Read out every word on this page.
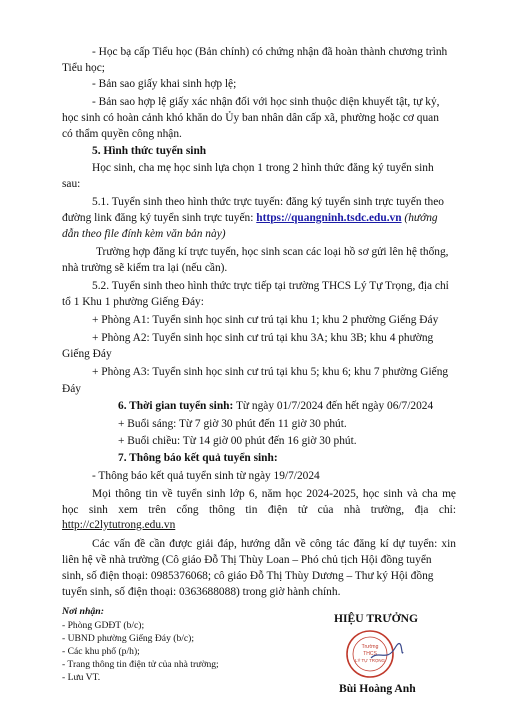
- Học bạ cấp Tiểu học (Bản chính) có chứng nhận đã hoàn thành chương trình
Tiểu học;
- Bản sao giấy khai sinh hợp lệ;
- Bản sao hợp lệ giấy xác nhận đối với học sinh thuộc diện khuyết tật, tự kỷ,
học sinh có hoàn cảnh khó khăn do Ủy ban nhân dân cấp xã, phường hoặc cơ quan
có thẩm quyền công nhận.
5. Hình thức tuyển sinh
Học sinh, cha mẹ học sinh lựa chọn 1 trong 2 hình thức đăng ký tuyển sinh
sau:
5.1. Tuyển sinh theo hình thức trực tuyến: đăng ký tuyển sinh trực tuyến theo
đường link đăng ký tuyển sinh trực tuyến: https://quangninh.tsdc.edu.vn (hướng
dẫn theo file đính kèm văn bản này)
Trường hợp đăng kí trực tuyến, học sinh scan các loại hồ sơ gửi lên hệ thống,
nhà trường sẽ kiểm tra lại (nếu cần).
5.2. Tuyển sinh theo hình thức trực tiếp tại trường THCS Lý Tự Trọng, địa chỉ
tổ 1 Khu 1 phường Giếng Đáy:
+ Phòng A1: Tuyển sinh học sinh cư trú tại khu 1; khu 2 phường Giếng Đáy
+ Phòng A2: Tuyển sinh học sinh cư trú tại khu 3A; khu 3B; khu 4 phường
Giếng Đáy
+ Phòng A3: Tuyển sinh học sinh cư trú tại khu 5; khu 6; khu 7 phường Giếng
Đáy
6. Thời gian tuyển sinh: Từ ngày 01/7/2024 đến hết ngày 06/7/2024
+ Buổi sáng: Từ 7 giờ 30 phút đến 11 giờ 30 phút.
+ Buổi chiều: Từ 14 giờ 00 phút đến 16 giờ 30 phút.
7. Thông báo kết quả tuyển sinh:
- Thông báo kết quả tuyển sinh từ ngày 19/7/2024
Mọi thông tin về tuyển sinh lớp 6, năm học 2024-2025, học sinh và cha mẹ
học sinh xem trên cổng thông tin điện tử của nhà trường, địa chỉ:
http://c2lytutrong.edu.vn
Các vấn đề cần được giải đáp, hướng dẫn về công tác đăng kí dự tuyển: xin
liên hệ về nhà trường (Cô giáo Đỗ Thị Thùy Loan – Phó chủ tịch Hội đồng tuyển
sinh, số điện thoại: 0985376068; cô giáo Đỗ Thị Thùy Dương – Thư ký Hội đồng
tuyển sinh, số điện thoại: 0363688088) trong giờ hành chính.
Nơi nhận:
- Phòng GDĐT (b/c);
- UBND phường Giếng Đáy (b/c);
- Các khu phố (p/h);
- Trang thông tin điện tử của nhà trường;
- Lưu VT.
HIỆU TRƯỞNG
Trường
THCS
LÝ TỰ TRỌNG
Bùi Hoàng Anh
